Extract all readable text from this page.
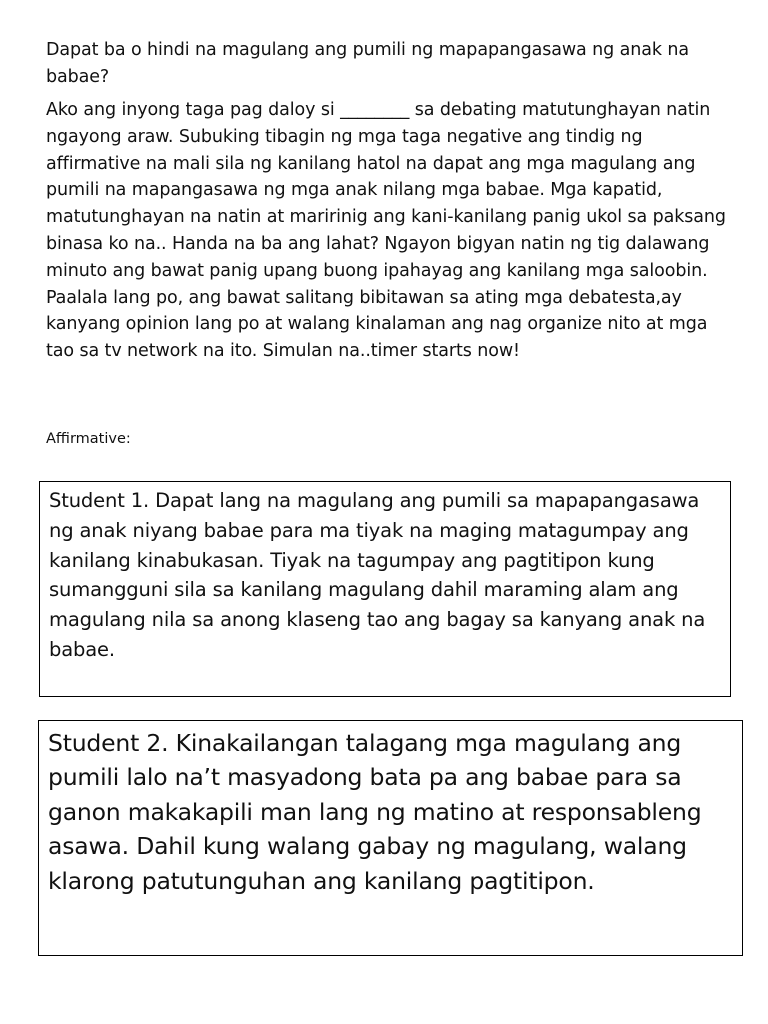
Dapat ba o hindi na magulang ang pumili ng mapapangasawa ng anak na babae?

Ako ang inyong taga pag daloy si ________ sa debating matutunghayan natin ngayong araw. Subuking tibagin ng mga taga negative ang tindig ng affirmative na mali sila ng kanilang hatol na dapat ang mga magulang ang pumili na mapangasawa ng mga anak nilang mga babae. Mga kapatid, matutunghayan na natin at maririnig ang kani-kanilang panig ukol sa paksang binasa ko na.. Handa na ba ang lahat? Ngayon bigyan natin ng tig dalawang minuto ang bawat panig upang buong ipahayag ang kanilang mga saloobin. Paalala lang po, ang bawat salitang bibitawan sa ating mga debatesta,ay kanyang opinion lang po at walang kinalaman ang nag organize nito at mga tao sa tv network na ito. Simulan na..timer starts now!

Affirmative:

Student 1. Dapat lang na magulang ang pumili sa mapapangasawa ng anak niyang babae para ma tiyak na maging matagumpay ang kanilang kinabukasan. Tiyak na tagumpay ang pagtitipon kung sumangguni sila sa kanilang magulang dahil maraming alam ang magulang nila sa anong klaseng tao ang bagay sa kanyang anak na babae.

Student 2. Kinakailangan talagang mga magulang ang pumili lalo na’t masyadong bata pa ang babae para sa ganon makakapili man lang ng matino at responsableng asawa. Dahil kung walang gabay ng magulang, walang klarong patutunguhan ang kanilang pagtitipon.
